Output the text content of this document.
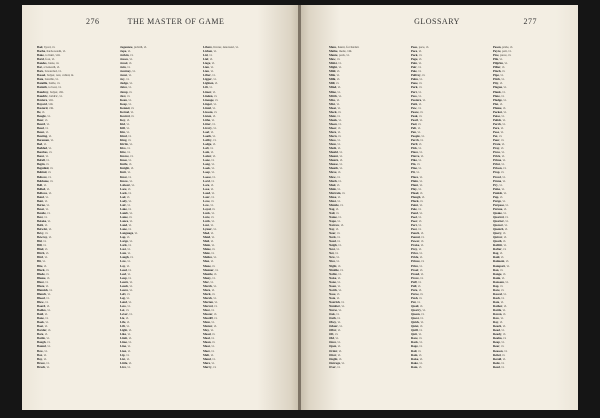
276	THE MASTER OF GAME
Bad, bycel, vi.
Bache, harde-ieadn, vi.
Bake, to hunt, viii.
Bard, foot, vi.
Bandes, baste, xi.
Bar, a beneath, vi.
Bars, bawarded, vi.
Bassel, baiyer, rest, called, ix.
Bata, bataille, vi.
Bataille, battle, vi.
Batteth, to beat, vi.
Baudrey, baiyer, viii.
Baudric, baldric, vi.
Baviere, viii.
Bayard, viii.
Bastard, viii.
Be, vi.
Beagle, vi.
Bear, vi.
Beard, vi.
Bead, vi.
Beast, vi.
Beating, vi.
Becomen, vi.
Bed, vi.
Bedded, vi.
Beeches, vi.
Beest, vi.
Befall, vi.
Begin, vi.
Beguiled, vi.
Behind, vi.
Behove, vi.
Beldame, vi.
Bell, vi.
Belled, vi.
Bellows, vi.
Bend, vi.
Bent, vi.
Berne, vi.
Beset, vi.
Beside, vi.
Best, vi.
Betake, vi.
Beth, vi.
Betwixt, vi.
Bevy, vi.
Bewray, vi.
Bid, vi.
Bill, vi.
Bind, vi.
Birch, vi.
Bird, vi.
Bit, vi.
Bite, vi.
Black, vi.
Blade, vi.
Blame, vi.
Blast, vi.
Blaze, vi.
Blemish, vi.
Blench, vi.
Blood, vi.
Blow, vi.
Board, vi.
Bodies, vi.
Bold, vi.
Bone, vi.
Book, vi.
Boot, vi.
Border, vi.
Bore, vi.
Bottle, vi.
Bough, vi.
Bound, vi.
Bow, vi.
Box, vi.
Boy, vi.
Brace, vi.
Brach, vi.
Jagounce, jacinth, vi.
Jape, vi.
Jerkin, vi.
Jesses, vi.
Jewel, vi.
Join, vi.
Journey, vi.
Joust, vi.
Joy, vi.
Judge, vi.
Juice, vi.
Jump, vi.
Just, vi.
Keen, vi.
Keep, vi.
Kennel, vi.
Kernel, vi.
Kestrel, vi.
Key, vi.
Kid, vi.
Kill, vi.
Kin, vi.
Kind, vi.
King, vi.
Kirtle, vi.
Kiss, vi.
Kite, vi.
Knave, vi.
Knee, vi.
Knife, vi.
Knight, vi.
Knit, vi.
Knot, vi.
Know, vi.
Labour, vi.
Lace, vi.
Lack, vi.
Lad, vi.
Lady, vi.
Lair, vi.
Lake, vi.
Lamb, vi.
Lame, vi.
Lance, vi.
Land, vi.
Lane, vi.
Language, vi.
Lap, vi.
Large, vi.
Lark, vi.
Last, vi.
Late, vi.
Laugh, vi.
Law, vi.
Lay, vi.
Lead, vi.
Leaf, vi.
Leap, vi.
Learn, vi.
Leash, vi.
Leave, vi.
Left, vi.
Leg, vi.
Lend, vi.
Less, vi.
Let, vi.
Lever, vi.
Lie, vi.
Life, vi.
Lift, vi.
Light, vi.
Like, vi.
Limb, vi.
Lime, vi.
Line, vi.
Lion, vi.
Lip, vi.
List, vi.
Little, vi.
Live, vi.
Libere, liverer, deuaveul, vi.
Lichen, vi.
Lid, vi.
Lief, vi.
Liege, vi.
Lien, vi.
Lieu, vi.
Lifter, vi.
Ligger, vi.
Lighten, vi.
Lilt, vi.
Limer, vi.
Linden, vi.
Lineage, vi.
Linger, vi.
Lintel, vi.
Lissom, vi.
Listen, vi.
Lithe, vi.
Litter, vi.
Livery, vi.
Loaf, vi.
Loath, vi.
Lobby, vi.
Lodge, vi.
Loft, vi.
Loin, vi.
Loiter, vi.
Lone, vi.
Long, vi.
Look, vi.
Loop, vi.
Loose, vi.
Lord, vi.
Lore, vi.
Lose, vi.
Loud, vi.
Lour, vi.
Love, vi.
Low, vi.
Loyal, vi.
Luck, vi.
Lure, vi.
Lurk, vi.
Lust, vi.
Lymer, vi.
Mad, vi.
Maid, vi.
Mail, vi.
Main, vi.
Make, vi.
Male, vi.
Malice, vi.
Man, vi.
Mane, vi.
Manner, vi.
Mantle, vi.
Many, vi.
Mar, vi.
March, vi.
Mare, vi.
Mark, vi.
Marsh, vi.
Marten, vi.
Marvel, vi.
Mast, vi.
Master, vi.
Mastiff, vi.
Mate, vi.
Matter, vi.
May, vi.
Mead, vi.
Meal, vi.
Mean, vi.
Meat, vi.
Meet, vi.
Melt, vi.
Mend, vi.
Mere, vi.
Merry, vi.
GLOSSARY	277
Mens, haunt, for hurdel.
Methe, mede, viii.
Meute, pack, vi.
Mew, vi.
Midst, vi.
Might, vi.
Mild, vi.
Mile, vi.
Milk, vi.
Mill, vi.
Mind, vi.
Mine, vi.
Mirth, vi.
Miss, vi.
Mist, vi.
Moat, vi.
Mock, vi.
Mole, vi.
Monk, vi.
Moon, vi.
Moor, vi.
More, vi.
Morn, vi.
Moss, vi.
Mote, vi.
Moth, vi.
Mould, vi.
Mount, vi.
Mourn, vi.
Mouse, vi.
Mouth, vi.
Move, vi.
Mow, vi.
Much, vi.
Mud, vi.
Mule, vi.
Murrain, vi.
Muse, vi.
Must, vi.
Muzzle, vi.
Nag, vi.
Nail, vi.
Name, vi.
Nape, vi.
Narrow, vi.
Nay, vi.
Near, vi.
Neck, vi.
Need, vi.
Neigh, vi.
Nest, vi.
Net, vi.
New, vi.
Nice, vi.
Night, vi.
Nimble, vi.
Noble, vi.
Noise, vi.
None, vi.
Noon, vi.
North, vi.
Nose, vi.
Note, vi.
Nourish, vi.
Number, vi.
Nurse, vi.
Oak, vi.
Oath, vi.
Obey, vi.
Odour, vi.
Offer, vi.
Oft, vi.
Old, vi.
Once, vi.
Open, vi.
Order, vi.
Otter, vi.
Ought, vi.
Outrage, vi.
Over, vi.
Paas, pace, vi.
Pace, vi.
Pack, vi.
Page, vi.
Pain, vi.
Pair, vi.
Pale, vi.
Palfrey, vi.
Palm, vi.
Pane, vi.
Park, vi.
Part, vi.
Pass, vi.
Pasture, vi.
Path, vi.
Paw, vi.
Peace, vi.
Peak, vi.
Pearl, vi.
Peel, vi.
Pelt, vi.
Pen, vi.
People, vi.
Perch, vi.
Peril, vi.
Pick, vi.
Piece, vi.
Pierce, vi.
Pike, vi.
Pin, vi.
Pine, vi.
Pit, vi.
Place, vi.
Plain, vi.
Plant, vi.
Play, vi.
Plead, vi.
Plough, vi.
Pluck, vi.
Point, vi.
Pole, vi.
Pond, vi.
Pool, vi.
Poor, vi.
Port, vi.
Post, vi.
Pouch, vi.
Pound, vi.
Power, vi.
Praise, vi.
Prey, vi.
Price, vi.
Pride, vi.
Prince, vi.
Prize, vi.
Proof, vi.
Proud, vi.
Prove, vi.
Puff, vi.
Pull, vi.
Pure, vi.
Purse, vi.
Push, vi.
Put, vi.
Quail, vi.
Quarry, vi.
Queen, vi.
Quest, vi.
Quick, vi.
Quiet, vi.
Quill, vi.
Quit, vi.
Race, vi.
Rack, vi.
Rage, vi.
Rail, vi.
Rain, vi.
Raise, vi.
Rake, vi.
Ram, vi.
Pesen, pride, vi.
Peyre, pair, vi.
Pice, piece, vi.
Pile, vi.
Pilgrim, vi.
Pillar, vi.
Pinch, vi.
Pipe, vi.
Pitch, vi.
Pity, vi.
Plague, vi.
Plank, vi.
Plate, vi.
Pledge, vi.
Plot, vi.
Plume, vi.
Pocket, vi.
Poise, vi.
Polish, vi.
Porch, vi.
Pore, vi.
Pose, vi.
Pot, vi.
Pour, vi.
Prate, vi.
Pray, vi.
Press, vi.
Prick, vi.
Prime, vi.
Print, vi.
Prison, vi.
Prop, vi.
Prowl, vi.
Prune, vi.
Pry, vi.
Pulse, vi.
Punish, vi.
Pup, vi.
Purge, vi.
Purpose, vi.
Pursue, vi.
Quake, vi.
Quarrel, vi.
Quarter, vi.
Quaver, vi.
Quench, vi.
Query, vi.
Quiver, vi.
Quoth, vi.
Rabbit, vi.
Rafter, vi.
Rag, vi.
Raid, vi.
Raiment, vi.
Rampart, vi.
Ran, vi.
Range, vi.
Rank, vi.
Ransom, vi.
Rap, vi.
Rare, vi.
Rascal, vi.
Rash, vi.
Rate, vi.
Rather, vi.
Rattle, vi.
Raven, vi.
Raw, vi.
Ray, vi.
Reach, vi.
Read, vi.
Ready, vi.
Realm, vi.
Reap, vi.
Rear, vi.
Reason, vi.
Rebel, vi.
Recall, vi.
Rede, vi.
Reed, vi.
